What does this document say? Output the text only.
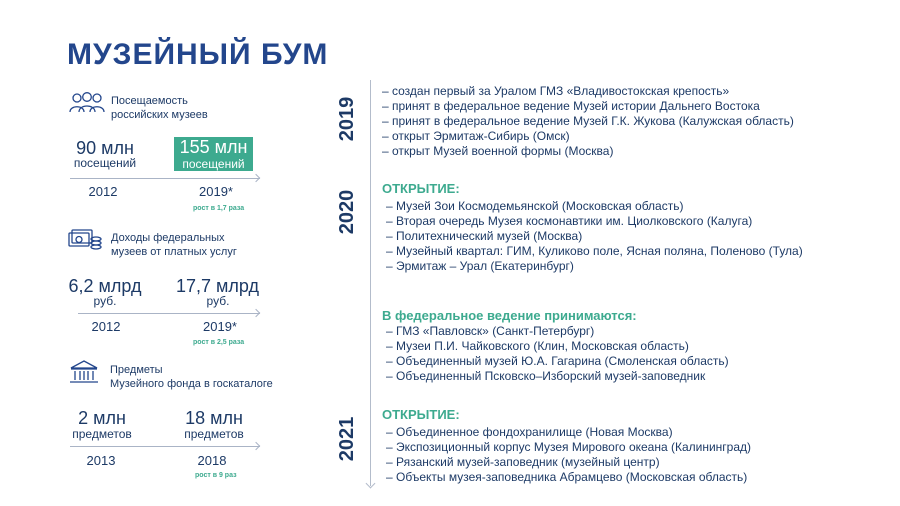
МУЗЕЙНЫЙ БУМ
Посещаемость
российских музеев
90 млн
посещений
155 млн
посещений
2012	2019*
рост в 1,7 раза
Доходы федеральных
музеев от платных услуг
6,2 млрд
руб.
17,7 млрд
руб.
2012	2019*
рост в 2,5 раза
Предметы
Музейного фонда в госкаталоге
2 млн
предметов
18 млн
предметов
2013	2018
рост в 9 раз
2019
– создан первый за Уралом ГМЗ «Владивостокская крепость»
– принят в федеральное ведение Музей истории Дальнего Востока
– принят в федеральное ведение Музей Г.К. Жукова (Калужская область)
– открыт Эрмитаж-Сибирь (Омск)
– открыт Музей военной формы (Москва)
2020
ОТКРЫТИЕ:
– Музей Зои Космодемьянской (Московская область)
– Вторая очередь Музея космонавтики им. Циолковского (Калуга)
– Политехнический музей (Москва)
– Музейный квартал: ГИМ, Куликово поле, Ясная поляна, Поленово (Тула)
– Эрмитаж – Урал (Екатеринбург)
В федеральное ведение принимаются:
– ГМЗ «Павловск» (Санкт-Петербург)
– Музеи П.И. Чайковского (Клин, Московская область)
– Объединенный музей Ю.А. Гагарина (Смоленская область)
– Объединенный Псковско–Изборский музей-заповедник
2021
ОТКРЫТИЕ:
– Объединенное фондохранилище (Новая Москва)
– Экспозиционный корпус Музея Мирового океана (Калининград)
– Рязанский музей-заповедник (музейный центр)
– Объекты музея-заповедника Абрамцево (Московская область)
